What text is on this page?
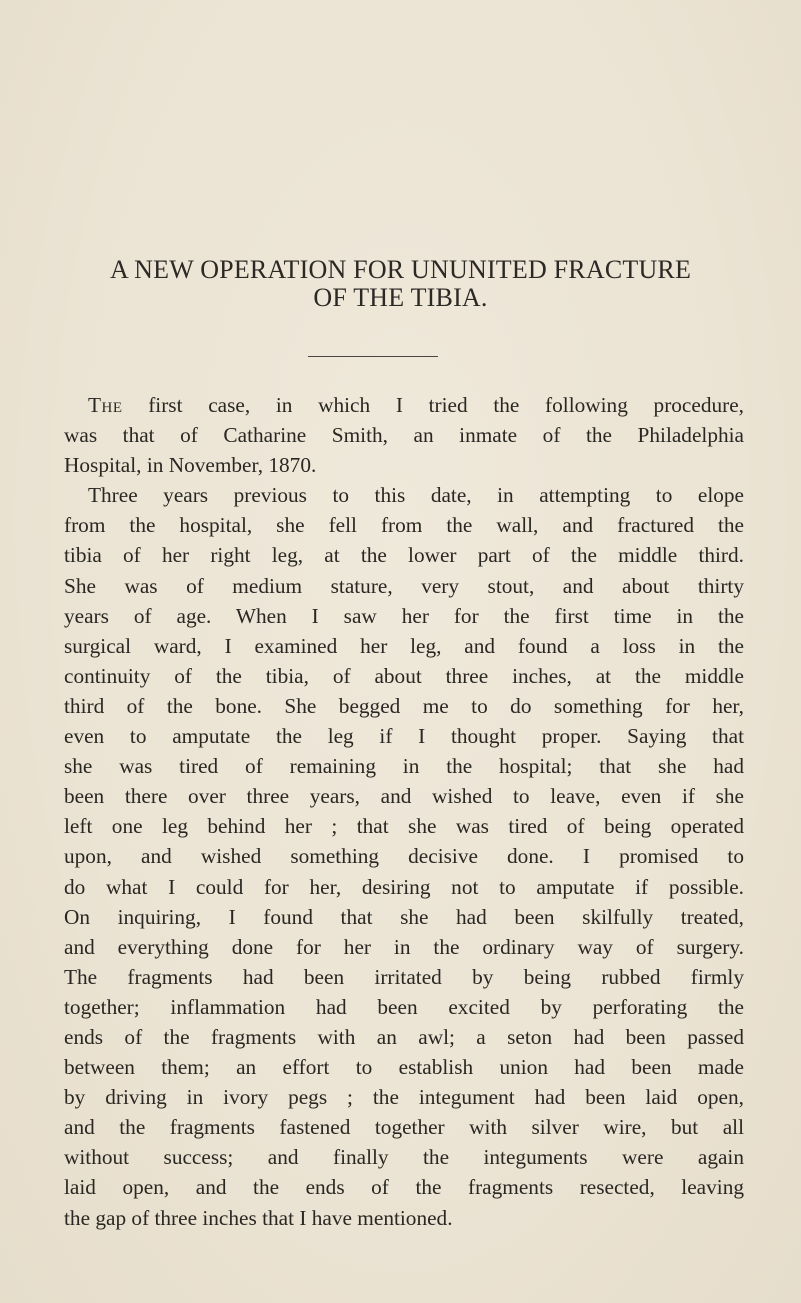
A NEW OPERATION FOR UNUNITED FRACTURE
OF THE TIBIA.
The first case, in which I tried the following procedure,
was that of Catharine Smith, an inmate of the Philadelphia
Hospital, in November, 1870.
Three years previous to this date, in attempting to elope
from the hospital, she fell from the wall, and fractured the
tibia of her right leg, at the lower part of the middle third.
She was of medium stature, very stout, and about thirty
years of age. When I saw her for the first time in the
surgical ward, I examined her leg, and found a loss in the
continuity of the tibia, of about three inches, at the middle
third of the bone. She begged me to do something for her,
even to amputate the leg if I thought proper. Saying that
she was tired of remaining in the hospital; that she had
been there over three years, and wished to leave, even if she
left one leg behind her ; that she was tired of being operated
upon, and wished something decisive done. I promised to
do what I could for her, desiring not to amputate if possible.
On inquiring, I found that she had been skilfully treated,
and everything done for her in the ordinary way of surgery.
The fragments had been irritated by being rubbed firmly
together; inflammation had been excited by perforating the
ends of the fragments with an awl; a seton had been passed
between them; an effort to establish union had been made
by driving in ivory pegs ; the integument had been laid open,
and the fragments fastened together with silver wire, but all
without success; and finally the integuments were again
laid open, and the ends of the fragments resected, leaving
the gap of three inches that I have mentioned.
